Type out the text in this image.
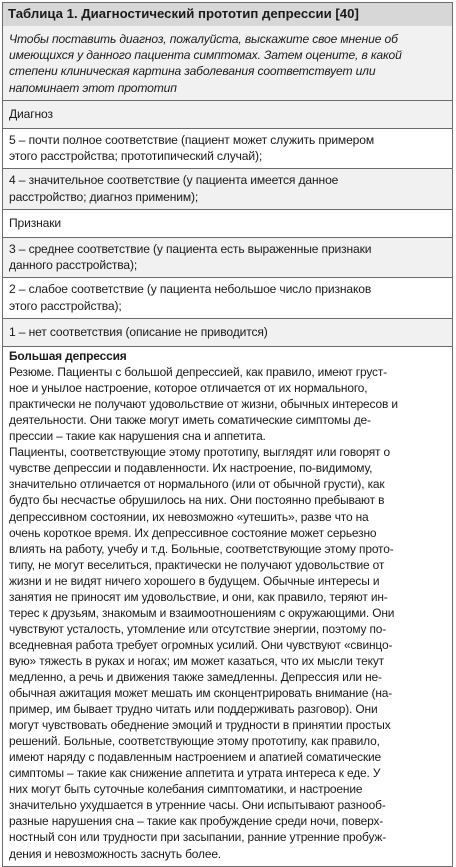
Таблица 1. Диагностический прототип депрессии [40]
Чтобы поставить диагноз, пожалуйста, выскажите свое мнение об
имеющихся у данного пациента симптомах. Затем оцените, в какой
степени клиническая картина заболевания соответствует или
напоминает этот прототип
Диагноз
5 – почти полное соответствие (пациент может служить примером
этого расстройства; прототипический случай);
4 – значительное соответствие (у пациента имеется данное
расстройство; диагноз применим);
Признаки
3 – среднее соответствие (у пациента есть выраженные признаки
данного расстройства);
2 – слабое соответствие (у пациента небольшое число признаков
этого расстройства);
1 – нет соответствия (описание не приводится)
Большая депрессия
Резюме. Пациенты с большой депрессией, как правило, имеют груст-
ное и унылое настроение, которое отличается от их нормального,
практически не получают удовольствие от жизни, обычных интересов и
деятельности. Они также могут иметь соматические симптомы де-
прессии – такие как нарушения сна и аппетита.
Пациенты, соответствующие этому прототипу, выглядят или говорят о
чувстве депрессии и подавленности. Их настроение, по-видимому,
значительно отличается от нормального (или от обычной грусти), как
будто бы несчастье обрушилось на них. Они постоянно пребывают в
депрессивном состоянии, их невозможно «утешить», разве что на
очень короткое время. Их депрессивное состояние может серьезно
влиять на работу, учебу и т.д. Больные, соответствующие этому прото-
типу, не могут веселиться, практически не получают удовольствие от
жизни и не видят ничего хорошего в будущем. Обычные интересы и
занятия не приносят им удовольствие, и они, как правило, теряют ин-
терес к друзьям, знакомым и взаимоотношениям с окружающими. Они
чувствуют усталость, утомление или отсутствие энергии, поэтому по-
вседневная работа требует огромных усилий. Они чувствуют «свинцо-
вую» тяжесть в руках и ногах; им может казаться, что их мысли текут
медленно, а речь и движения также замедленны. Депрессия или не-
обычная ажитация может мешать им сконцентрировать внимание (на-
пример, им бывает трудно читать или поддерживать разговор). Они
могут чувствовать обеднение эмоций и трудности в принятии простых
решений. Больные, соответствующие этому прототипу, как правило,
имеют наряду с подавленным настроением и апатией соматические
симптомы – такие как снижение аппетита и утрата интереса к еде. У
них могут быть суточные колебания симптоматики, и настроение
значительно ухудшается в утренние часы. Они испытывают разнооб-
разные нарушения сна – такие как пробуждение среди ночи, поверх-
ностный сон или трудности при засыпании, ранние утренние пробуж-
дения и невозможность заснуть более.
